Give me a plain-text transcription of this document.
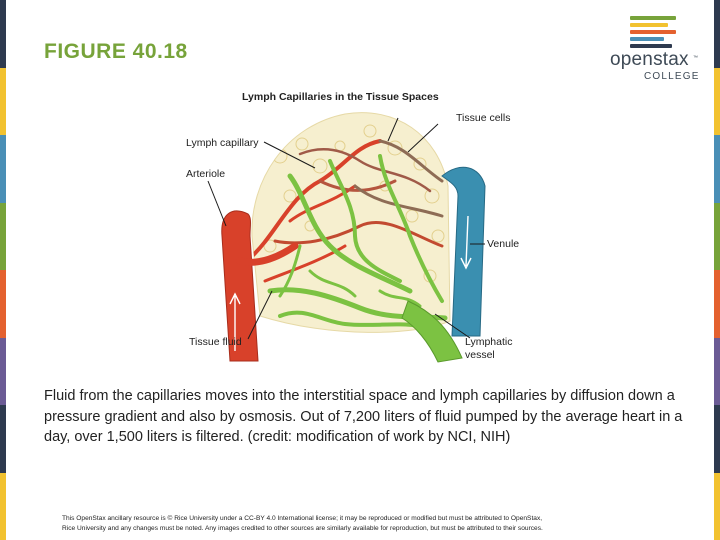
FIGURE 40.18	openstax ™
COLLEGE
Lymph Capillaries in the Tissue Spaces
Tissue cells
Lymph capillary
Arteriole
Venule
Tissue fluid	Lymphatic
vessel
Fluid from the capillaries moves into the interstitial space and lymph capillaries by diffusion down a pressure gradient and also by osmosis. Out of 7,200 liters of fluid pumped by the average heart in a day, over 1,500 liters is filtered. (credit: modification of work by NCI, NIH)
This OpenStax ancillary resource is © Rice University under a CC-BY 4.0 International license; it may be reproduced or modified but must be attributed to OpenStax,
Rice University and any changes must be noted. Any images credited to other sources are similarly available for reproduction, but must be attributed to their sources.
